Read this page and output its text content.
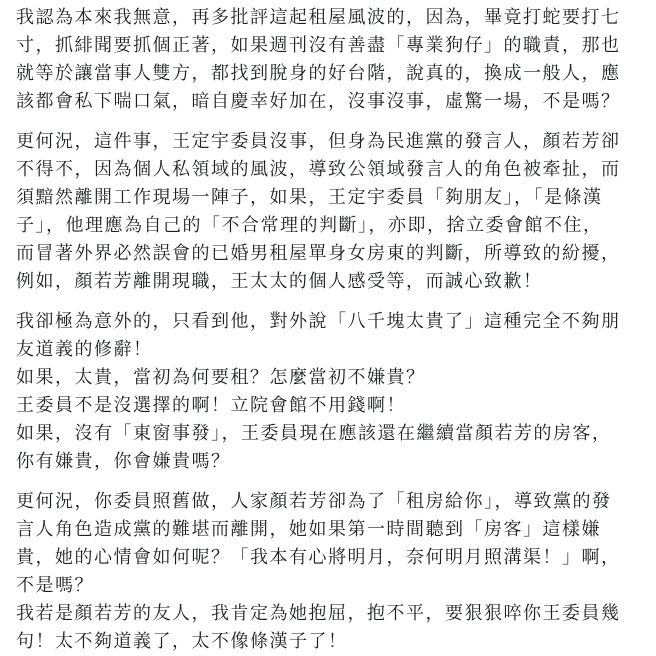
我認為本來我無意，再多批評這起租屋風波的，因為，畢竟打蛇要打七
寸，抓緋聞要抓個正著，如果週刊沒有善盡「專業狗仔」的職責，那也
就等於讓當事人雙方，都找到脫身的好台階，說真的，換成一般人，應
該都會私下喘口氣，暗自慶幸好加在，沒事沒事，虛驚一場，不是嗎？
更何況，這件事，王定宇委員沒事，但身為民進黨的發言人，顏若芳卻
不得不，因為個人私領域的風波，導致公領域發言人的角色被牽扯，而
須黯然離開工作現場一陣子，如果，王定宇委員「夠朋友」，「是條漢
子」，他理應為自己的「不合常理的判斷」，亦即，捨立委會館不住，
而冒著外界必然誤會的已婚男租屋單身女房東的判斷，所導致的紛擾，
例如，顏若芳離開現職，王太太的個人感受等，而誠心致歉！
我卻極為意外的，只看到他，對外說「八千塊太貴了」這種完全不夠朋
友道義的修辭！
如果，太貴，當初為何要租？怎麼當初不嫌貴？
王委員不是沒選擇的啊！立院會館不用錢啊！
如果，沒有「東窗事發」，王委員現在應該還在繼續當顏若芳的房客，
你有嫌貴，你會嫌貴嗎？
更何況，你委員照舊做，人家顏若芳卻為了「租房給你」，導致黨的發
言人角色造成黨的難堪而離開，她如果第一時間聽到「房客」這樣嫌
貴，她的心情會如何呢？「我本有心將明月，奈何明月照溝渠！」啊，
不是嗎？
我若是顏若芳的友人，我肯定為她抱屈，抱不平，要狠狠啐你王委員幾
句！太不夠道義了，太不像條漢子了！
